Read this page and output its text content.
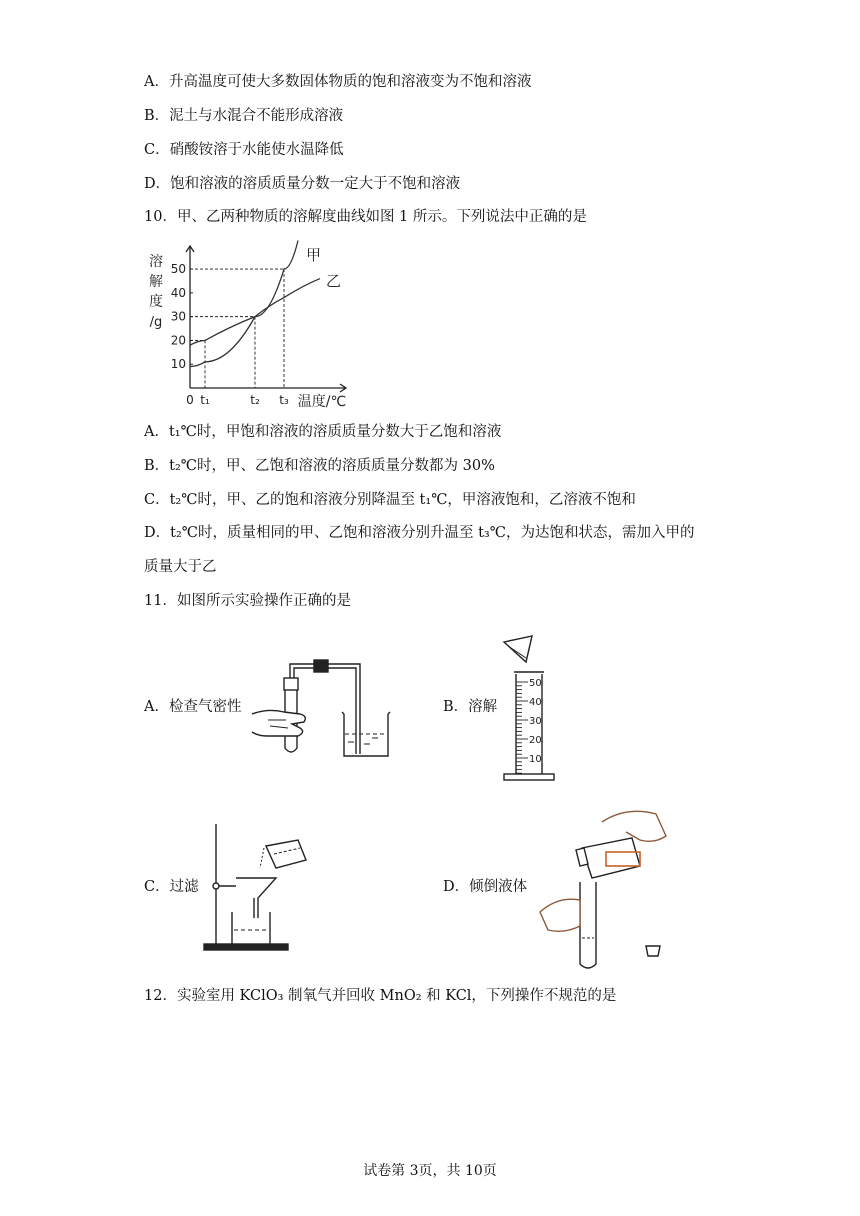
A．升高温度可使大多数固体物质的饱和溶液变为不饱和溶液
B．泥土与水混合不能形成溶液
C．硝酸铵溶于水能使水温降低
D．饱和溶液的溶质质量分数一定大于不饱和溶液
10．甲、乙两种物质的溶解度曲线如图 1 所示。下列说法中正确的是
10
20
30
40
50
溶
解
度
/g
0 t₁	t₂ t₃ 温度/℃
甲
乙
A．t₁℃时，甲饱和溶液的溶质质量分数大于乙饱和溶液
B．t₂℃时，甲、乙饱和溶液的溶质质量分数都为 30%
C．t₂℃时，甲、乙的饱和溶液分别降温至 t₁℃，甲溶液饱和，乙溶液不饱和
D．t₂℃时，质量相同的甲、乙饱和溶液分别升温至 t₃℃，为达饱和状态，需加入甲的
质量大于乙
11．如图所示实验操作正确的是
A．检查气密性	B．溶解
C．过滤	D．倾倒液体
50
40
30
20
10
12．实验室用 KClO₃ 制氧气并回收 MnO₂ 和 KCl，下列操作不规范的是
试卷第 3页，共 10页
